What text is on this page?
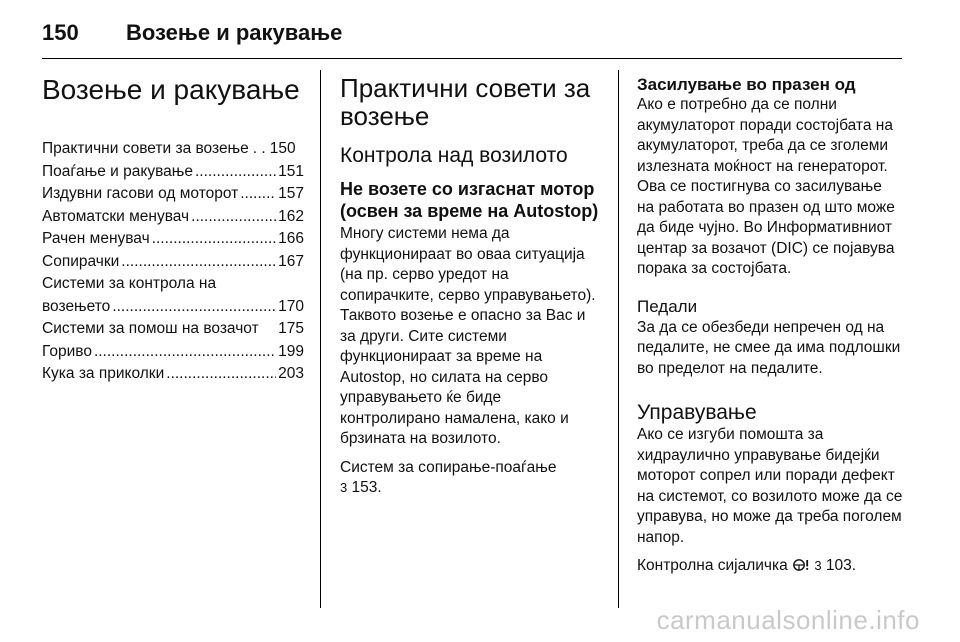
150 Возење и ракување
Возење и ракување
Практични совети за возење . . 150
Поаѓање и ракување .....	151
Издувни гасови од моторот .....	157
Автоматски менувач .....	162
Рачен менувач .....	166
Сопирачки .....	167
Системи за контрола на
возењето .....	170
Системи за помош на возачот 175
Гориво .....	199
Кука за приколки .....	203
Практични совети за возење
Контрола над возилото
Не возете со изгаснат мотор (освен за време на Autostop)

Многу системи нема да функционираат во оваа ситуација (на пр. серво уредот на сопирачките, серво управувањето). Таквото возење е опасно за Вас и за други. Сите системи функционираат за време на Autostop, но силата на серво управувањето ќе биде контролирано намалена, како и брзината на возилото.

Систем за сопирање-поаѓање
3 153.

Засилување во празен од

Ако е потребно да се полни акумулаторот поради состојбата на акумулаторот, треба да се зголеми излезната моќност на генераторот. Ова се постигнува со засилување на работата во празен од што може да биде чујно. Во Информативниот центар за возачот (DIC) се појавува порака за состојбата.

Педали

За да се обезбеди непречен од на педалите, не смее да има подлошки во пределот на педалите.

Управување

Ако се изгуби помошта за хидраулично управување бидејќи моторот сопрел или поради дефект на системот, со возилото може да се управува, но може да треба поголем напор.

Контролна сијаличка 3 103.

carmanualsonline.info
